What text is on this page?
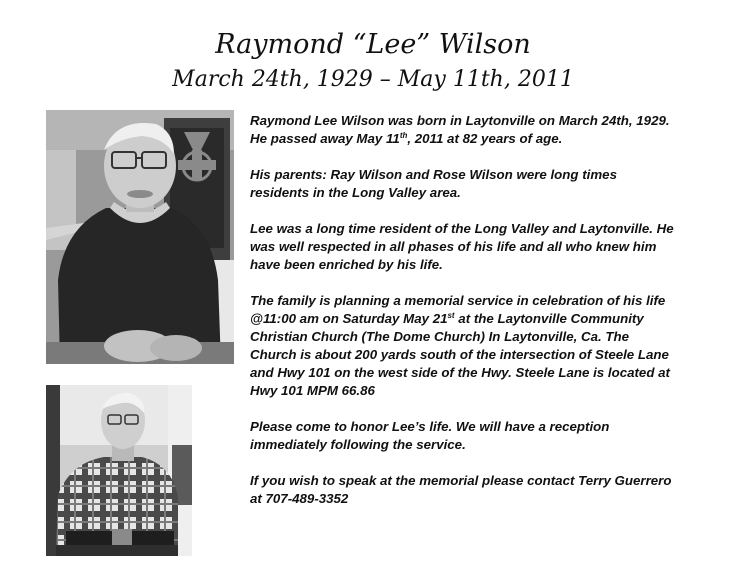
Raymond “Lee” Wilson
March 24th, 1929 – May 11th, 2011

Raymond Lee Wilson was born in Laytonville on March 24th, 1929. He passed away May 11th, 2011 at 82 years of age.

His parents: Ray Wilson and Rose Wilson were long times residents in the Long Valley area.

Lee was a long time resident of the Long Valley and Laytonville. He was well respected in all phases of his life and all who knew him have been enriched by his life.

The family is planning a memorial service in celebration of his life @11:00 am on Saturday May 21st at the Laytonville Community Christian Church (The Dome Church) In Laytonville, Ca. The Church is about 200 yards south of the intersection of Steele Lane and Hwy 101 on the west side of the Hwy. Steele Lane is located at Hwy 101 MPM 66.86

Please come to honor Lee’s life. We will have a reception immediately following the service.

If you wish to speak at the memorial please contact Terry Guerrero at 707-489-3352
